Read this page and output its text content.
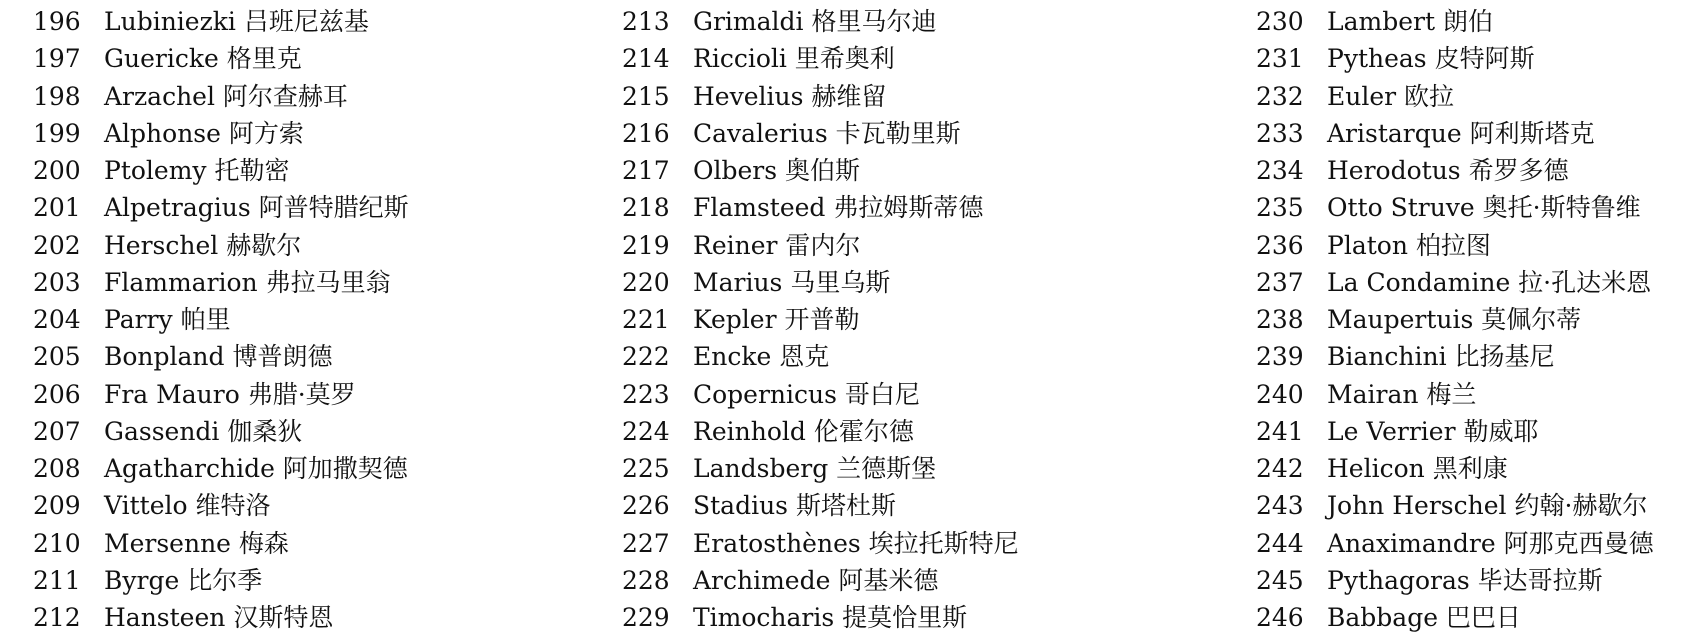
196 Lubiniezki 吕班尼兹基
197 Guericke 格里克
198 Arzachel 阿尔查赫耳
199 Alphonse 阿方索
200 Ptolemy 托勒密
201 Alpetragius 阿普特腊纪斯
202 Herschel 赫歇尔
203 Flammarion 弗拉马里翁
204 Parry 帕里
205 Bonpland 博普朗德
206 Fra Mauro 弗腊·莫罗
207 Gassendi 伽桑狄
208 Agatharchide 阿加撒契德
209 Vittelo 维特洛
210 Mersenne 梅森
211 Byrge 比尔季
212 Hansteen 汉斯特恩
213 Grimaldi 格里马尔迪
214 Riccioli 里希奥利
215 Hevelius 赫维留
216 Cavalerius 卡瓦勒里斯
217 Olbers 奥伯斯
218 Flamsteed 弗拉姆斯蒂德
219 Reiner 雷内尔
220 Marius 马里乌斯
221 Kepler 开普勒
222 Encke 恩克
223 Copernicus 哥白尼
224 Reinhold 伦霍尔德
225 Landsberg 兰德斯堡
226 Stadius 斯塔杜斯
227 Eratosthènes 埃拉托斯特尼
228 Archimede 阿基米德
229 Timocharis 提莫恰里斯
230 Lambert 朗伯
231 Pytheas 皮特阿斯
232 Euler 欧拉
233 Aristarque 阿利斯塔克
234 Herodotus 希罗多德
235 Otto Struve 奥托·斯特鲁维
236 Platon 柏拉图
237 La Condamine 拉·孔达米恩
238 Maupertuis 莫佩尔蒂
239 Bianchini 比扬基尼
240 Mairan 梅兰
241 Le Verrier 勒威耶
242 Helicon 黑利康
243 John Herschel 约翰·赫歇尔
244 Anaximandre 阿那克西曼德
245 Pythagoras 毕达哥拉斯
246 Babbage 巴巴日
